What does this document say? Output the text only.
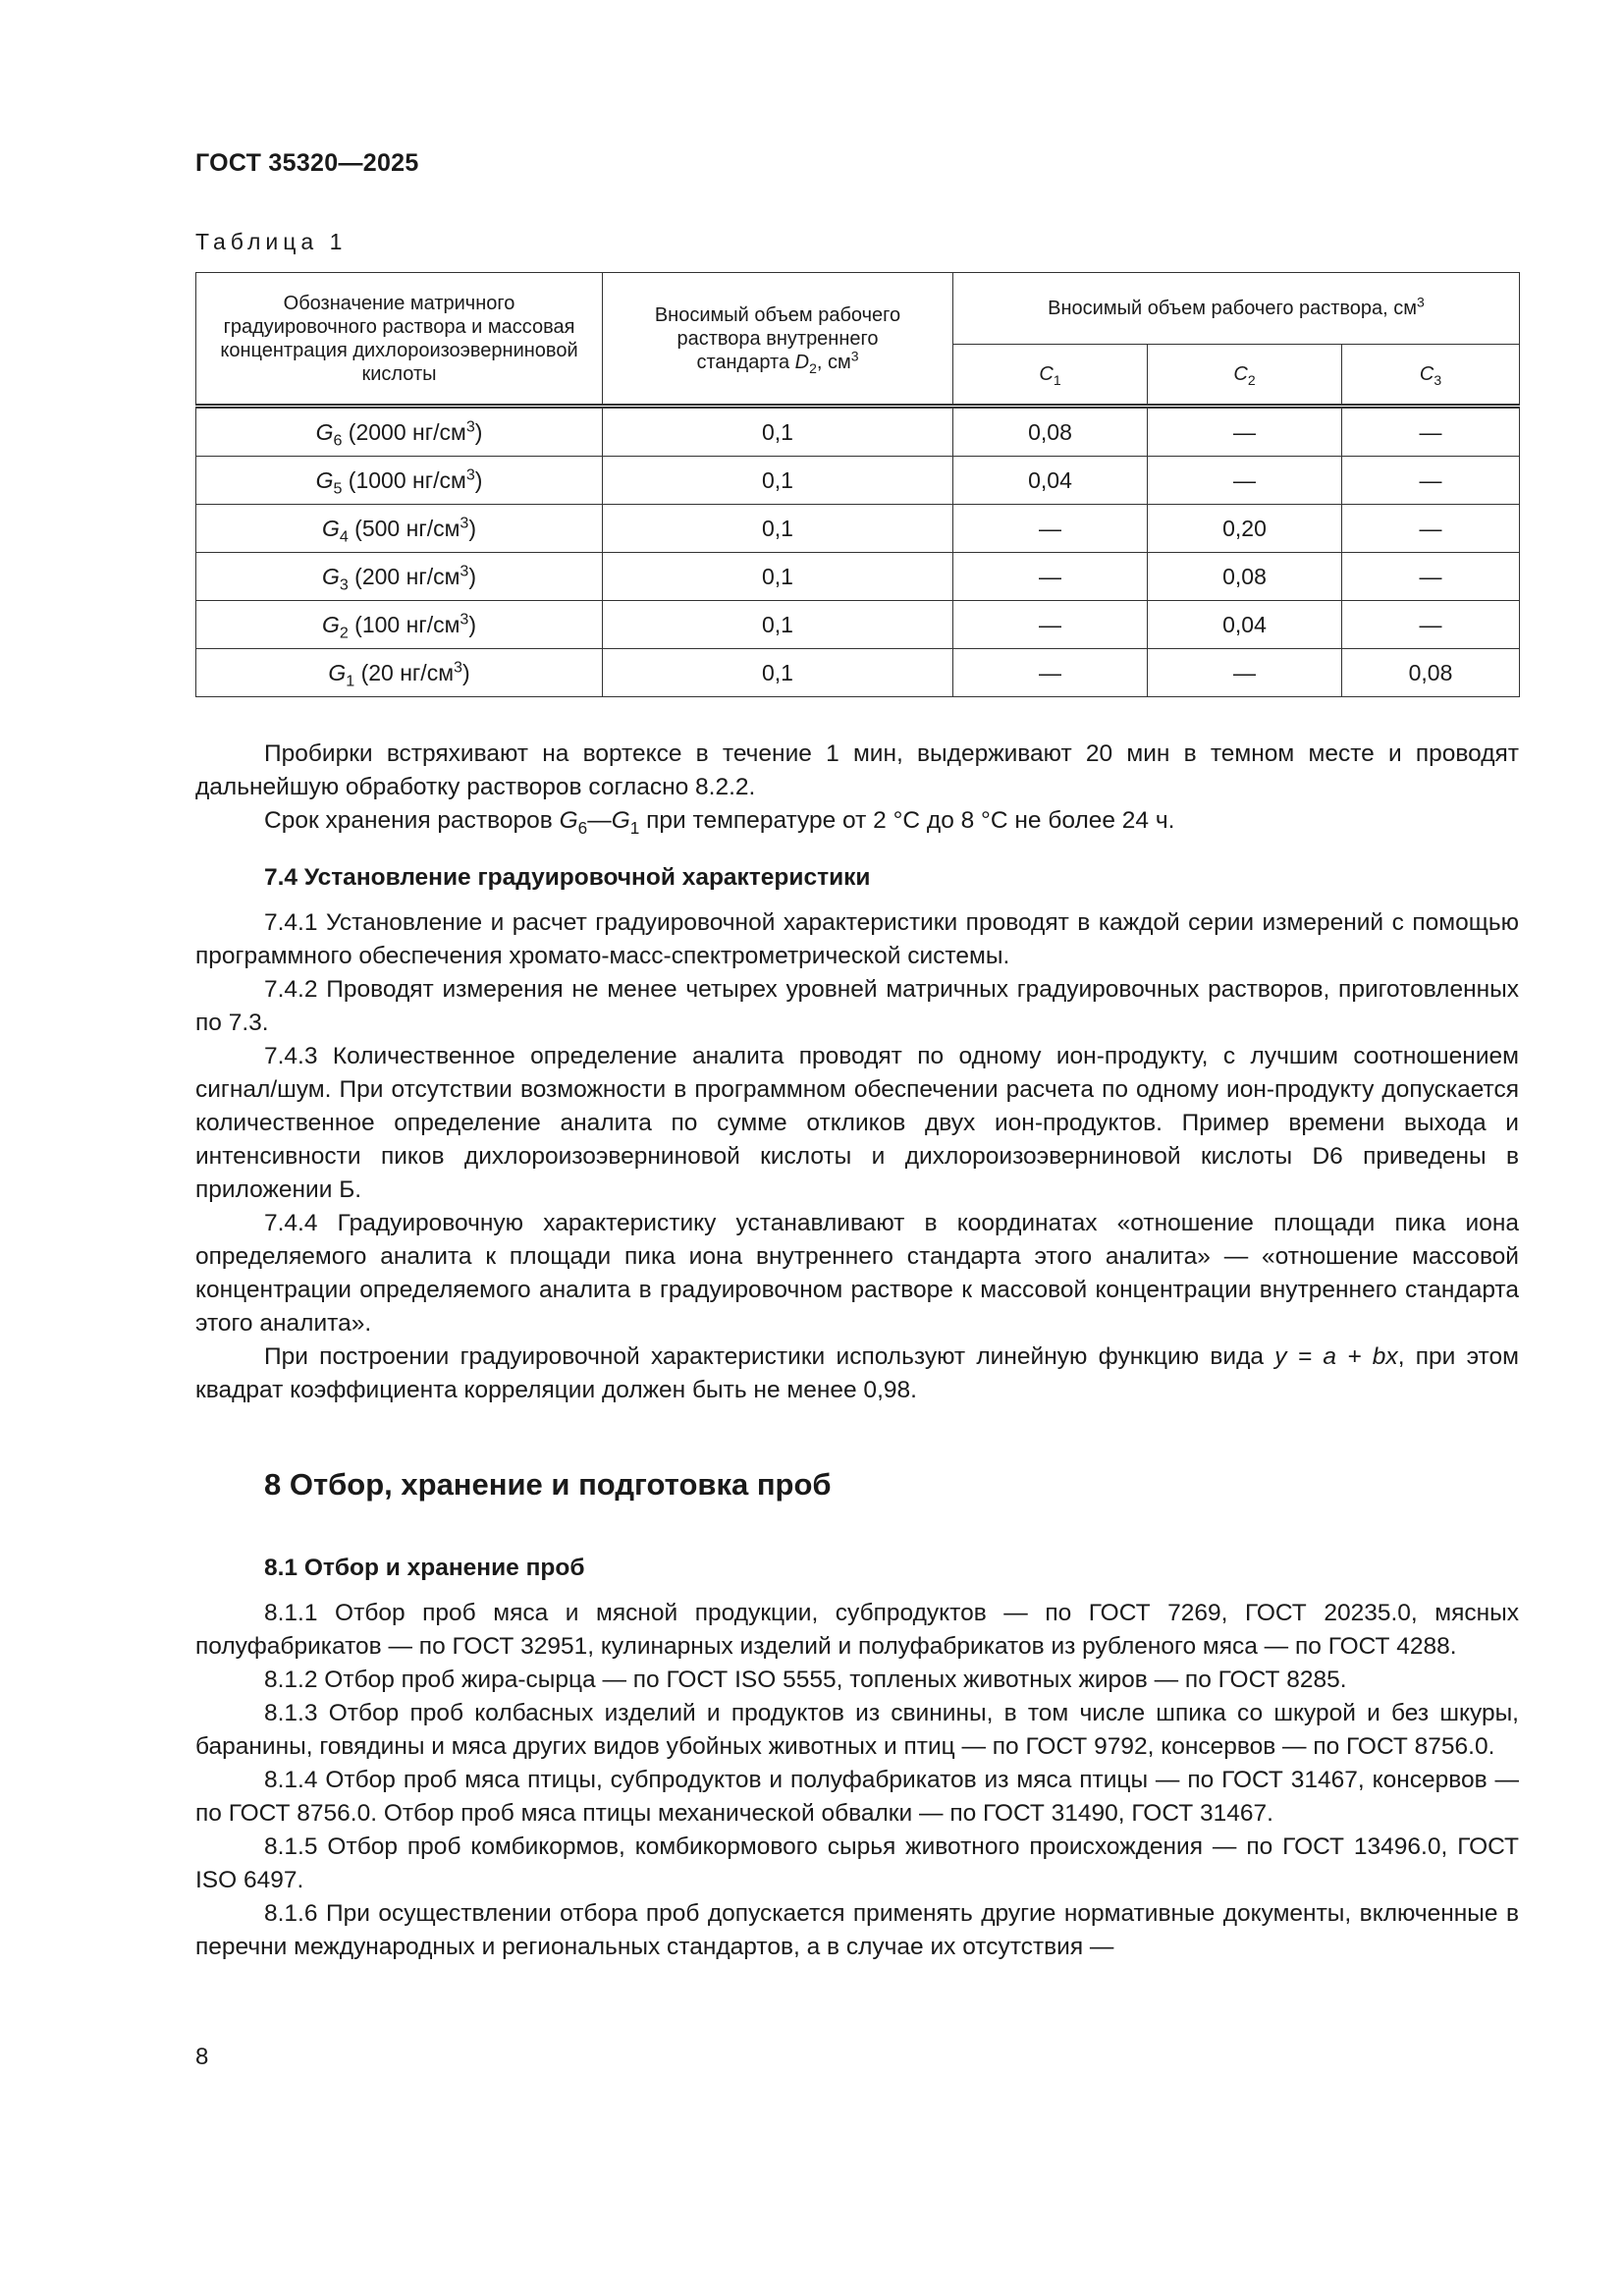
ГОСТ 35320—2025
Таблица 1
Обозначение матричного градуировочного раствора и массовая концентрация дихлороизоэверниновой кислоты	Вносимый объем рабочего раствора внутреннего стандарта $D_2$, $см^3$	Вносимый объем рабочего раствора, $см^3$
		$C_1$	$C_2$	$C_3$
$G_6$ (2000 $нг/см^3$)	0,1	0,08	—	—
$G_5$ (1000 $нг/см^3$)	0,1	0,04	—	—
$G_4$ (500 $нг/см^3$)	0,1	—	0,20	—
$G_3$ (200 $нг/см^3$)	0,1	—	0,08	—
$G_2$ (100 $нг/см^3$)	0,1	—	0,04	—
$G_1$ (20 $нг/см^3$)	0,1	—	—	0,08

Пробирки встряхивают на вортексе в течение 1 мин, выдерживают 20 мин в темном месте и проводят дальнейшую обработку растворов согласно 8.2.2.

Срок хранения растворов $G_6—G_1$ при температуре от 2 °С до 8 °С не более 24 ч.

7.4 Установление градуировочной характеристики

7.4.1 Установление и расчет градуировочной характеристики проводят в каждой серии измерений с помощью программного обеспечения хромато-масс-спектрометрической системы.

7.4.2 Проводят измерения не менее четырех уровней матричных градуировочных растворов, приготовленных по 7.3.

7.4.3 Количественное определение аналита проводят по одному ион-продукту, с лучшим соотношением сигнал/шум. При отсутствии возможности в программном обеспечении расчета по одному ион-продукту допускается количественное определение аналита по сумме откликов двух ион-продуктов. Пример времени выхода и интенсивности пиков дихлороизоэверниновой кислоты и дихлороизоэверниновой кислоты D6 приведены в приложении Б.

7.4.4 Градуировочную характеристику устанавливают в координатах «отношение площади пика иона определяемого аналита к площади пика иона внутреннего стандарта этого аналита» — «отношение массовой концентрации определяемого аналита в градуировочном растворе к массовой концентрации внутреннего стандарта этого аналита».

При построении градуировочной характеристики используют линейную функцию вида y = a + bx, при этом квадрат коэффициента корреляции должен быть не менее 0,98.

8 Отбор, хранение и подготовка проб

8.1 Отбор и хранение проб

8.1.1 Отбор проб мяса и мясной продукции, субпродуктов — по ГОСТ 7269, ГОСТ 20235.0, мясных полуфабрикатов — по ГОСТ 32951, кулинарных изделий и полуфабрикатов из рубленого мяса — по ГОСТ 4288.

8.1.2 Отбор проб жира-сырца — по ГОСТ ISO 5555, топленых животных жиров — по ГОСТ 8285.

8.1.3 Отбор проб колбасных изделий и продуктов из свинины, в том числе шпика со шкурой и без шкуры, баранины, говядины и мяса других видов убойных животных и птиц — по ГОСТ 9792, консервов — по ГОСТ 8756.0.

8.1.4 Отбор проб мяса птицы, субпродуктов и полуфабрикатов из мяса птицы — по ГОСТ 31467, консервов — по ГОСТ 8756.0. Отбор проб мяса птицы механической обвалки — по ГОСТ 31490, ГОСТ 31467.

8.1.5 Отбор проб комбикормов, комбикормового сырья животного происхождения — по ГОСТ 13496.0, ГОСТ ISO 6497.

8.1.6 При осуществлении отбора проб допускается применять другие нормативные документы, включенные в перечни международных и региональных стандартов, а в случае их отсутствия —

8
